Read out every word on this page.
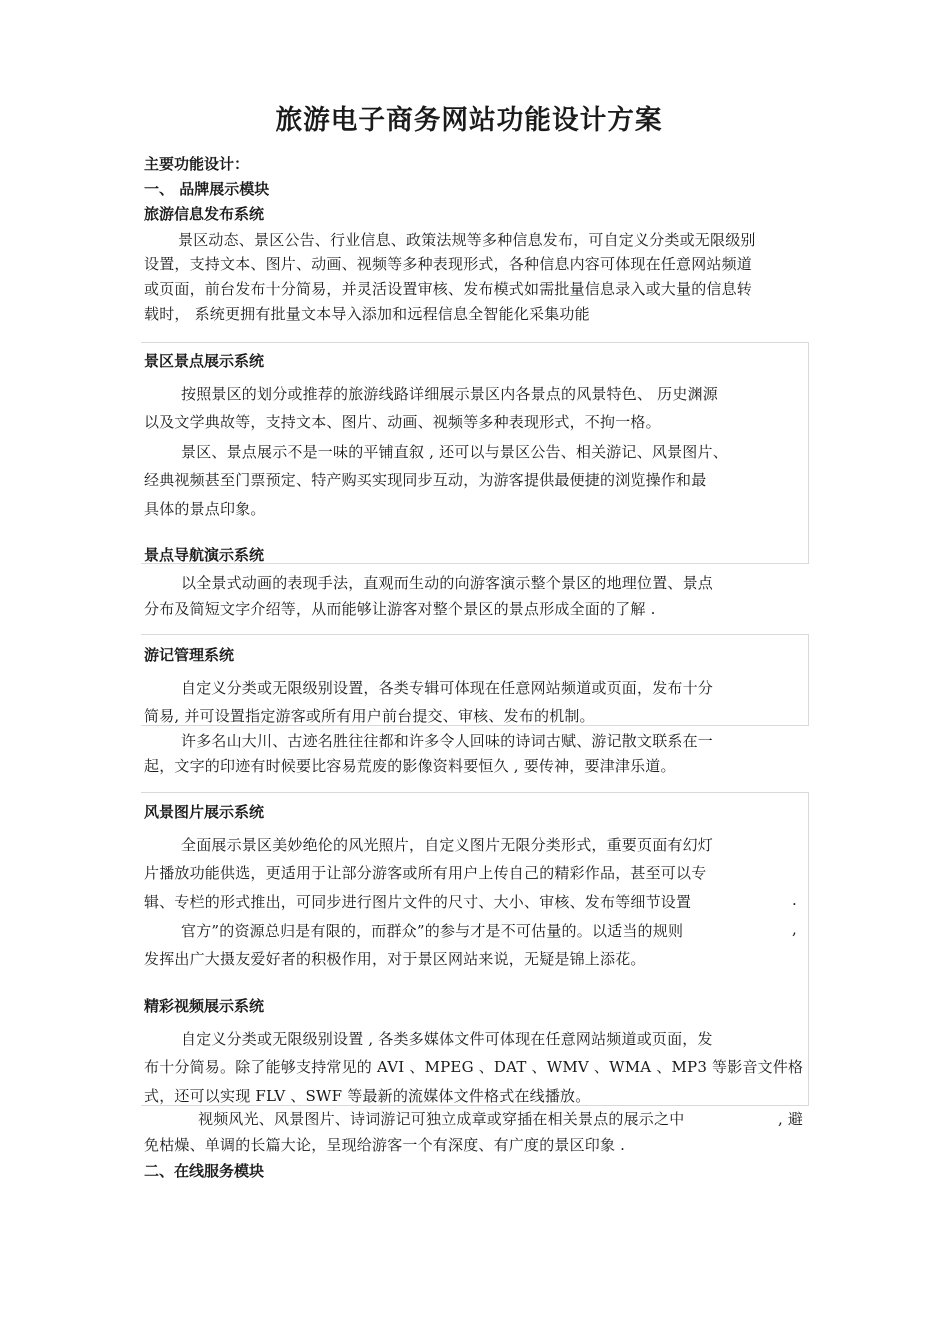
旅游电子商务网站功能设计方案
主要功能设计：
一、 品牌展示模块
旅游信息发布系统
景区动态、景区公告、行业信息、政策法规等多种信息发布，可自定义分类或无限级别
设置，支持文本、图片、动画、视频等多种表现形式，各种信息内容可体现在任意网站频道
或页面，前台发布十分简易，并灵活设置审核、发布模式如需批量信息录入或大量的信息转
载时， 系统更拥有批量文本导入添加和远程信息全智能化采集功能
景区景点展示系统
按照景区的划分或推荐的旅游线路详细展示景区内各景点的风景特色、 历史渊源
以及文学典故等，支持文本、图片、动画、视频等多种表现形式，不拘一格。
景区、景点展示不是一味的平铺直叙 , 还可以与景区公告、相关游记、风景图片、
经典视频甚至门票预定、特产购买实现同步互动，为游客提供最便捷的浏览操作和最
具体的景点印象。
景点导航演示系统
以全景式动画的表现手法，直观而生动的向游客演示整个景区的地理位置、景点
分布及简短文字介绍等，从而能够让游客对整个景区的景点形成全面的了解 .
游记管理系统
自定义分类或无限级别设置，各类专辑可体现在任意网站频道或页面，发布十分
简易, 并可设置指定游客或所有用户前台提交、审核、发布的机制。
许多名山大川、古迹名胜往往都和许多令人回味的诗词古赋、游记散文联系在一
起，文字的印迹有时候要比容易荒废的影像资料要恒久 , 要传神，要津津乐道。
风景图片展示系统
全面展示景区美妙绝伦的风光照片，自定义图片无限分类形式，重要页面有幻灯
片播放功能供选，更适用于让部分游客或所有用户上传自己的精彩作品，甚至可以专
辑、专栏的形式推出，可同步进行图片文件的尺寸、大小、审核、发布等细节设置	.
官方”的资源总归是有限的，而群众”的参与才是不可估量的。以适当的规则	,
发挥出广大摄友爱好者的积极作用，对于景区网站来说，无疑是锦上添花。
精彩视频展示系统
自定义分类或无限级别设置 , 各类多媒体文件可体现在任意网站频道或页面，发
布十分简易。除了能够支持常见的 AVI 、MPEG 、DAT 、WMV 、WMA 、MP3 等影音文件格
式，还可以实现 FLV 、SWF 等最新的流媒体文件格式在线播放。
视频风光、风景图片、诗词游记可独立成章或穿插在相关景点的展示之中	, 避
免枯燥、单调的长篇大论，呈现给游客一个有深度、有广度的景区印象 .
二、在线服务模块
